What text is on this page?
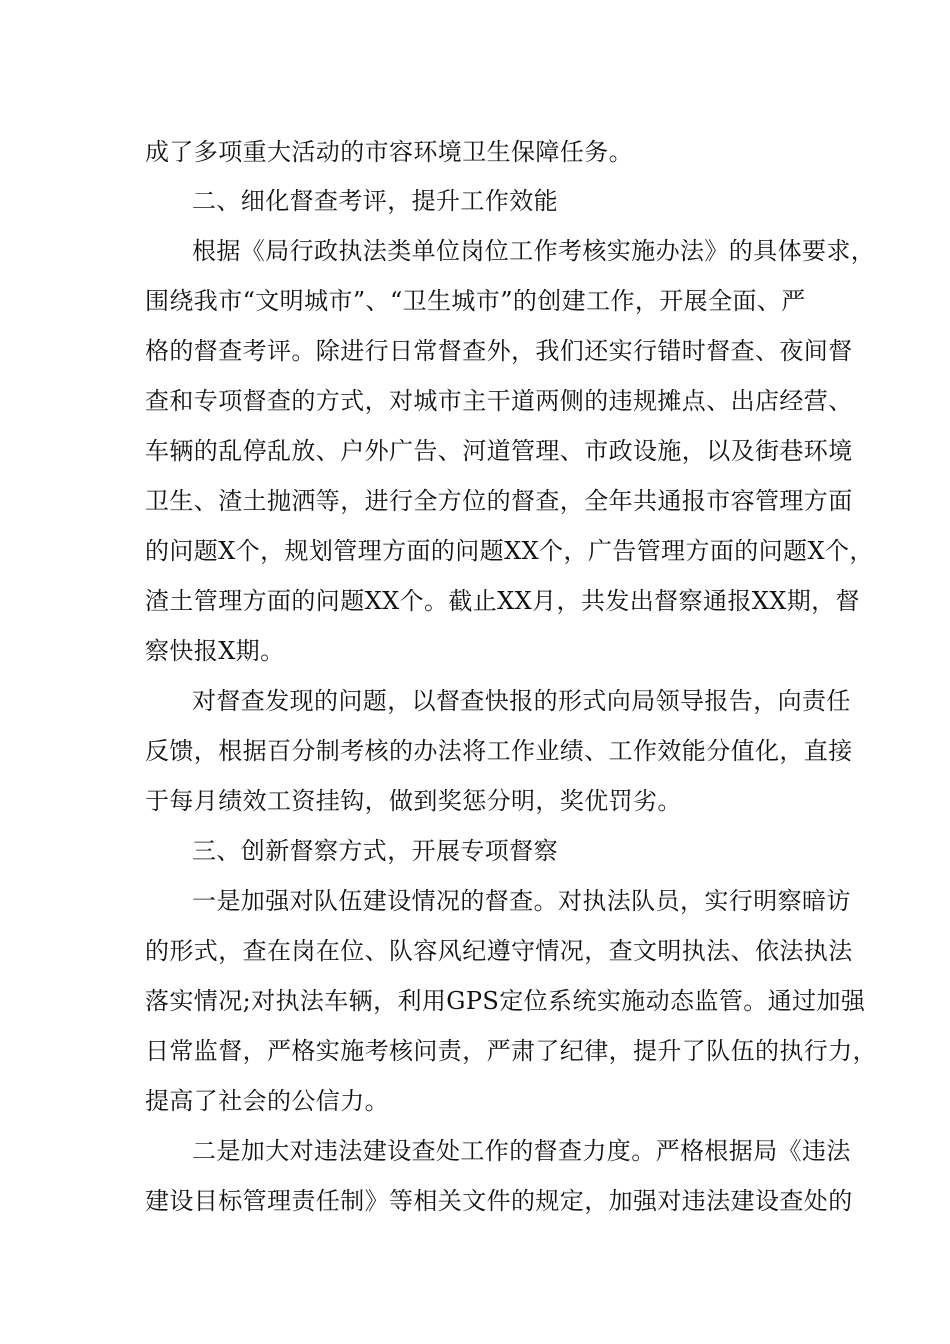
成了多项重大活动的市容环境卫生保障任务。
二、细化督查考评，提升工作效能
根据《局行政执法类单位岗位工作考核实施办法》的具体要求，
围绕我市“文明城市”、“卫生城市”的创建工作，开展全面、严
格的督查考评。除进行日常督查外，我们还实行错时督查、夜间督
查和专项督查的方式，对城市主干道两侧的违规摊点、出店经营、
车辆的乱停乱放、户外广告、河道管理、市政设施，以及街巷环境
卫生、渣土抛洒等，进行全方位的督查，全年共通报市容管理方面
的问题X个，规划管理方面的问题XX个，广告管理方面的问题X个，
渣土管理方面的问题XX个。截止XX月，共发出督察通报XX期，督
察快报X期。
对督查发现的问题，以督查快报的形式向局领导报告，向责任
反馈，根据百分制考核的办法将工作业绩、工作效能分值化，直接
于每月绩效工资挂钩，做到奖惩分明，奖优罚劣。
三、创新督察方式，开展专项督察
一是加强对队伍建设情况的督查。对执法队员，实行明察暗访
的形式，查在岗在位、队容风纪遵守情况，查文明执法、依法执法
落实情况;对执法车辆，利用GPS定位系统实施动态监管。通过加强
日常监督，严格实施考核问责，严肃了纪律，提升了队伍的执行力，
提高了社会的公信力。
二是加大对违法建设查处工作的督查力度。严格根据局《违法
建设目标管理责任制》等相关文件的规定，加强对违法建设查处的
